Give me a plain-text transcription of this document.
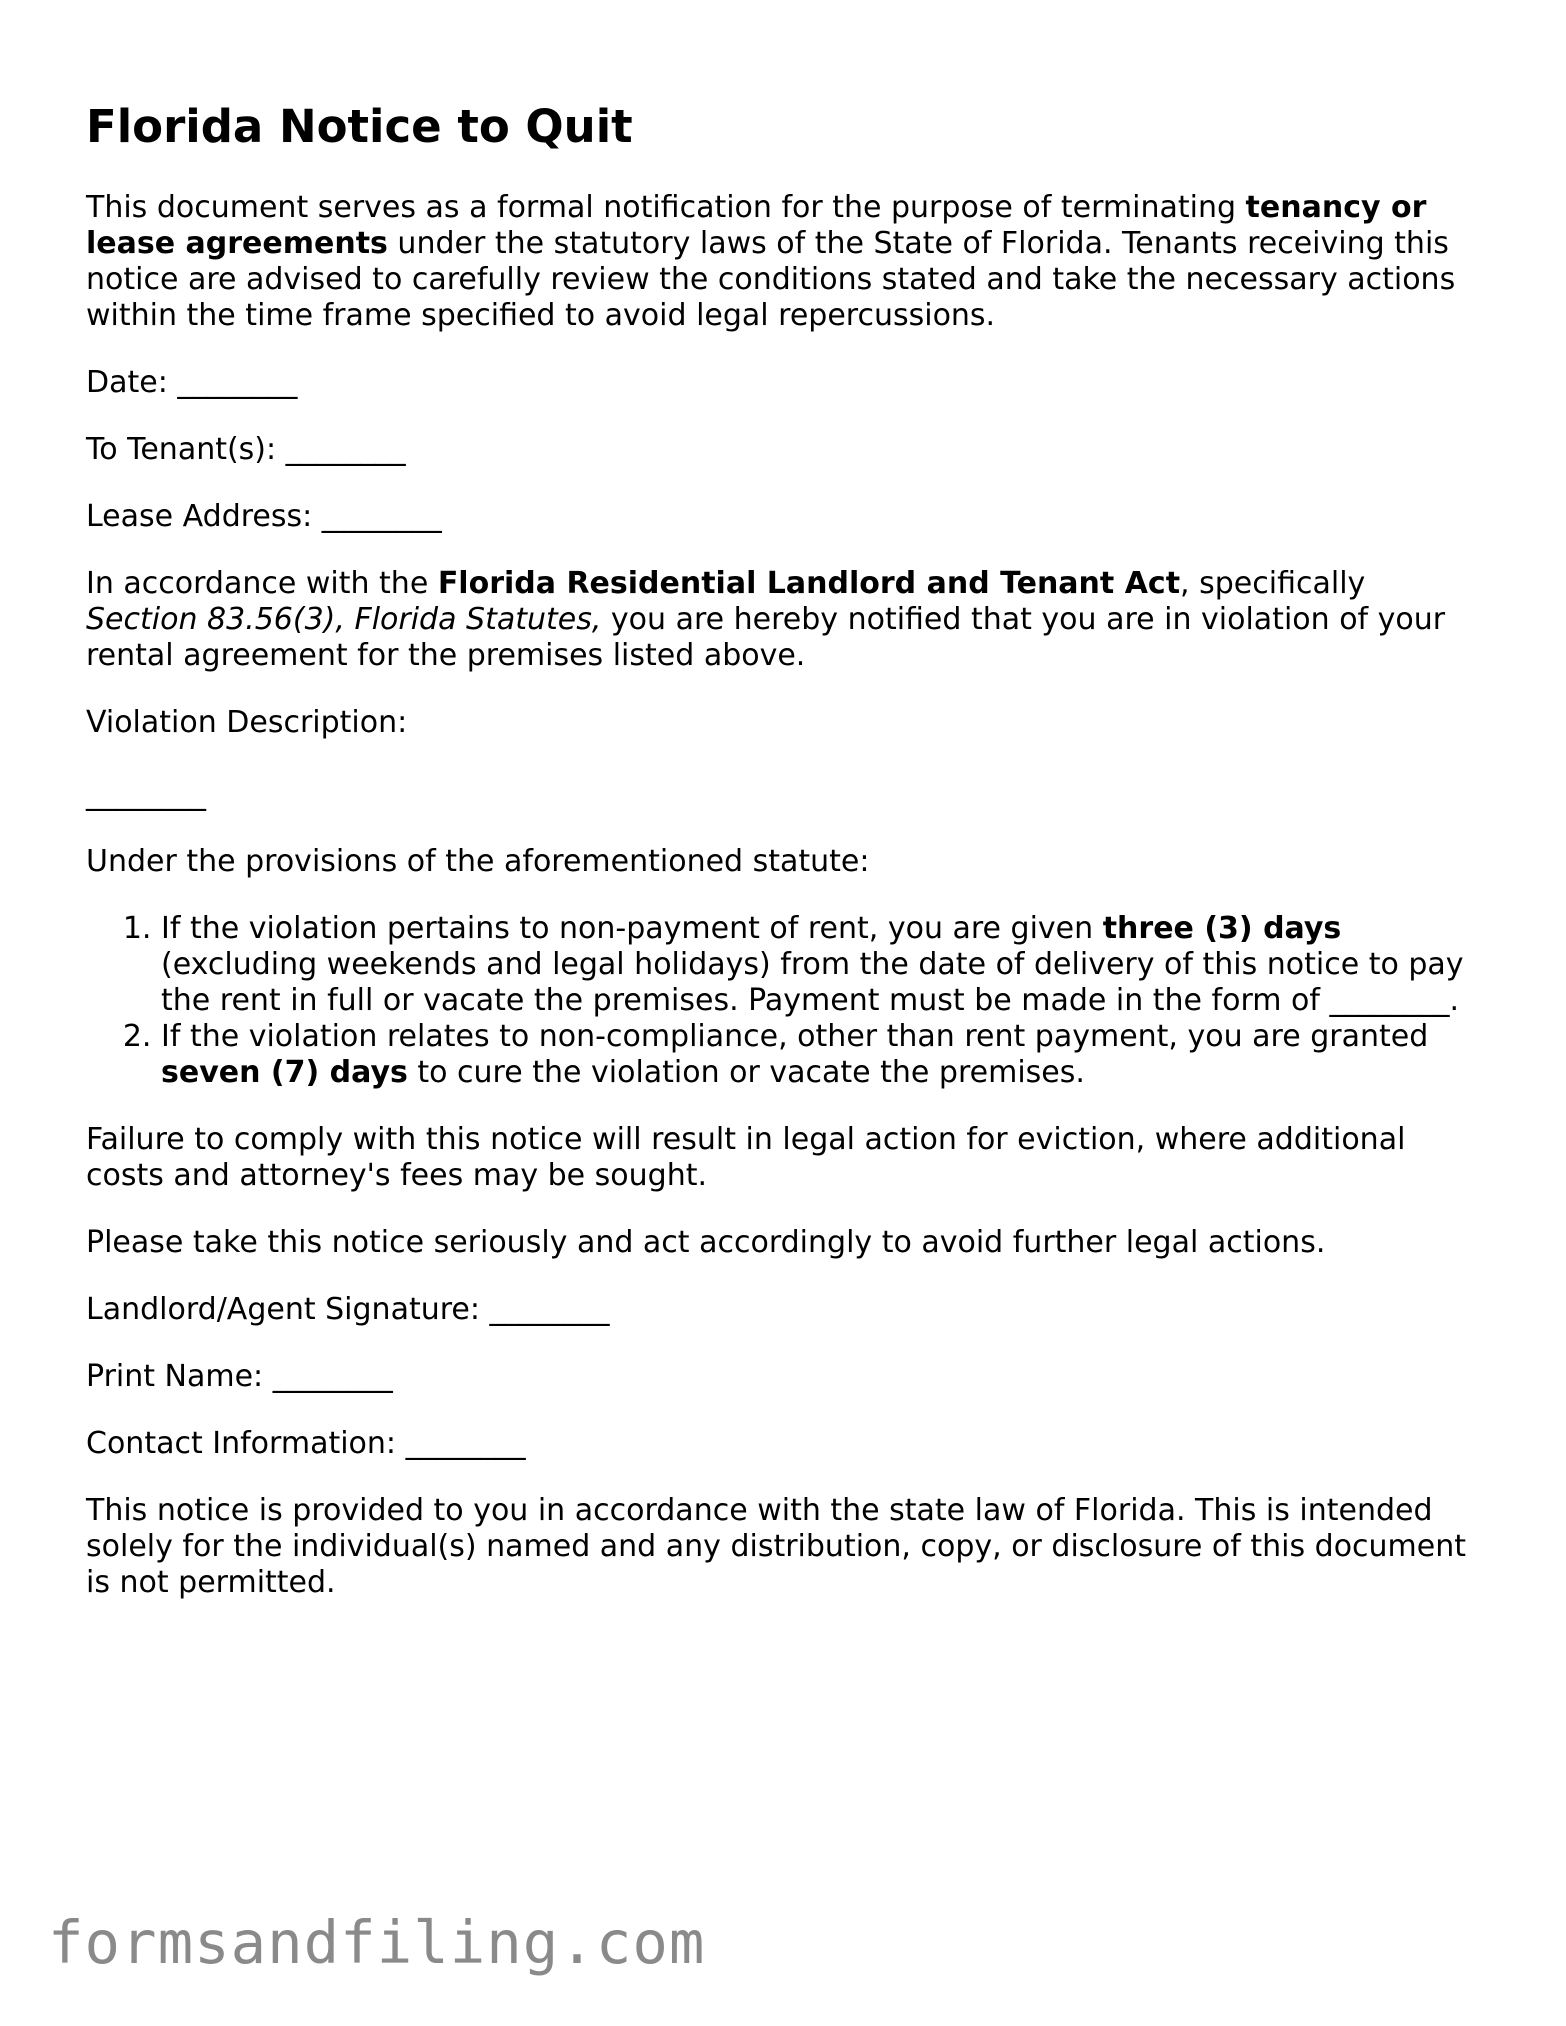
Florida Notice to Quit

This document serves as a formal notification for the purpose of terminating tenancy or lease agreements under the statutory laws of the State of Florida. Tenants receiving this notice are advised to carefully review the conditions stated and take the necessary actions within the time frame specified to avoid legal repercussions.

Date: ________

To Tenant(s): ________

Lease Address: ________

In accordance with the Florida Residential Landlord and Tenant Act, specifically Section 83.56(3), Florida Statutes, you are hereby notified that you are in violation of your rental agreement for the premises listed above.

Violation Description:

________

Under the provisions of the aforementioned statute:

1. If the violation pertains to non-payment of rent, you are given three (3) days (excluding weekends and legal holidays) from the date of delivery of this notice to pay the rent in full or vacate the premises. Payment must be made in the form of ________.
2. If the violation relates to non-compliance, other than rent payment, you are granted seven (7) days to cure the violation or vacate the premises.

Failure to comply with this notice will result in legal action for eviction, where additional costs and attorney's fees may be sought.

Please take this notice seriously and act accordingly to avoid further legal actions.

Landlord/Agent Signature: ________

Print Name: ________

Contact Information: ________

This notice is provided to you in accordance with the state law of Florida. This is intended solely for the individual(s) named and any distribution, copy, or disclosure of this document is not permitted.

formsandfiling.com
